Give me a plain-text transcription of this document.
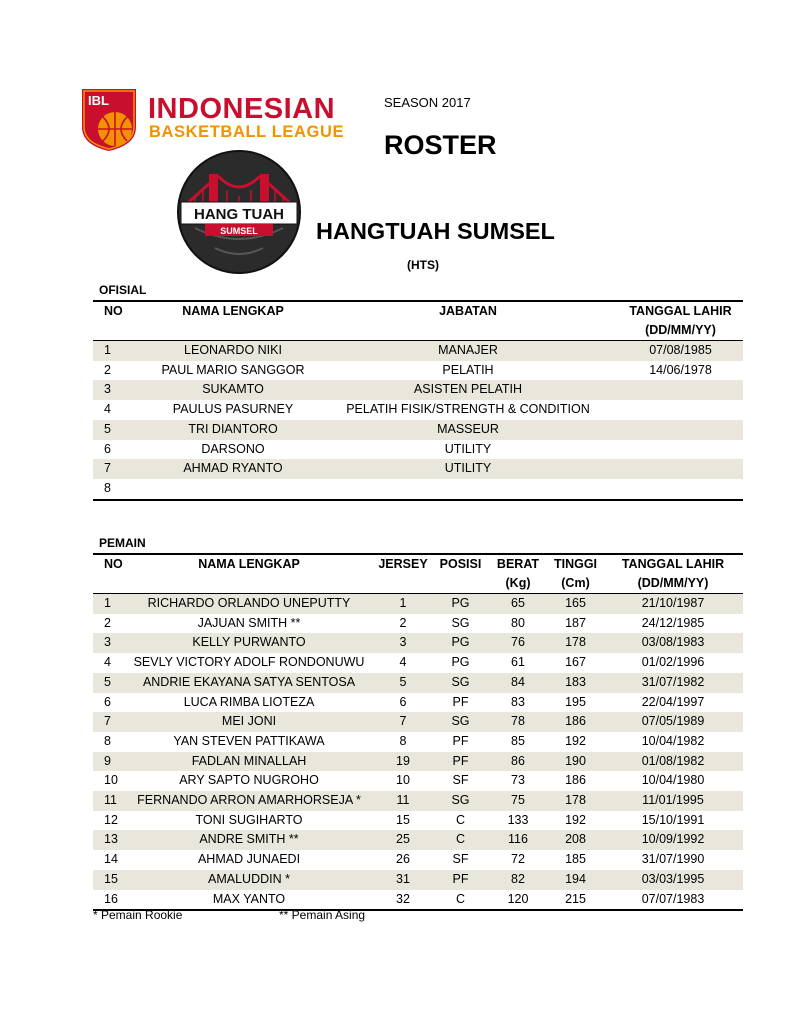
IBL INDONESIAN
BASKETBALL LEAGUE
SEASON 2017
ROSTER
HANG TUAH
SUMSEL HANGTUAH SUMSEL
(HTS)
OFISIAL
NO	NAMA LENGKAP	JABATAN	TANGGAL LAHIR
			(DD/MM/YY)
1	LEONARDO NIKI	MANAJER	07/08/1985
2	PAUL MARIO SANGGOR	PELATIH	14/06/1978
3	SUKAMTO	ASISTEN PELATIH	
4	PAULUS PASURNEY	PELATIH FISIK/STRENGTH & CONDITION	
5	TRI DIANTORO	MASSEUR	
6	DARSONO	UTILITY	
7	AHMAD RYANTO	UTILITY	
8			
PEMAIN
NO	NAMA LENGKAP	JERSEY	POSISI	BERAT	TINGGI	TANGGAL LAHIR
				(Kg)	(Cm)	(DD/MM/YY)
1	RICHARDO ORLANDO UNEPUTTY	1	PG	65	165	21/10/1987
2	JAJUAN SMITH **	2	SG	80	187	24/12/1985
3	KELLY PURWANTO	3	PG	76	178	03/08/1983
4	SEVLY VICTORY ADOLF RONDONUWU	4	PG	61	167	01/02/1996
5	ANDRIE EKAYANA SATYA SENTOSA	5	SG	84	183	31/07/1982
6	LUCA RIMBA LIOTEZA	6	PF	83	195	22/04/1997
7	MEI JONI	7	SG	78	186	07/05/1989
8	YAN STEVEN PATTIKAWA	8	PF	85	192	10/04/1982
9	FADLAN MINALLAH	19	PF	86	190	01/08/1982
10	ARY SAPTO NUGROHO	10	SF	73	186	10/04/1980
11	FERNANDO ARRON AMARHORSEJA *	11	SG	75	178	11/01/1995
12	TONI SUGIHARTO	15	C	133	192	15/10/1991
13	ANDRE SMITH **	25	C	116	208	10/09/1992
14	AHMAD JUNAEDI	26	SF	72	185	31/07/1990
15	AMALUDDIN *	31	PF	82	194	03/03/1995
16	MAX YANTO	32	C	120	215	07/07/1983
* Pemain Rookie	** Pemain Asing
